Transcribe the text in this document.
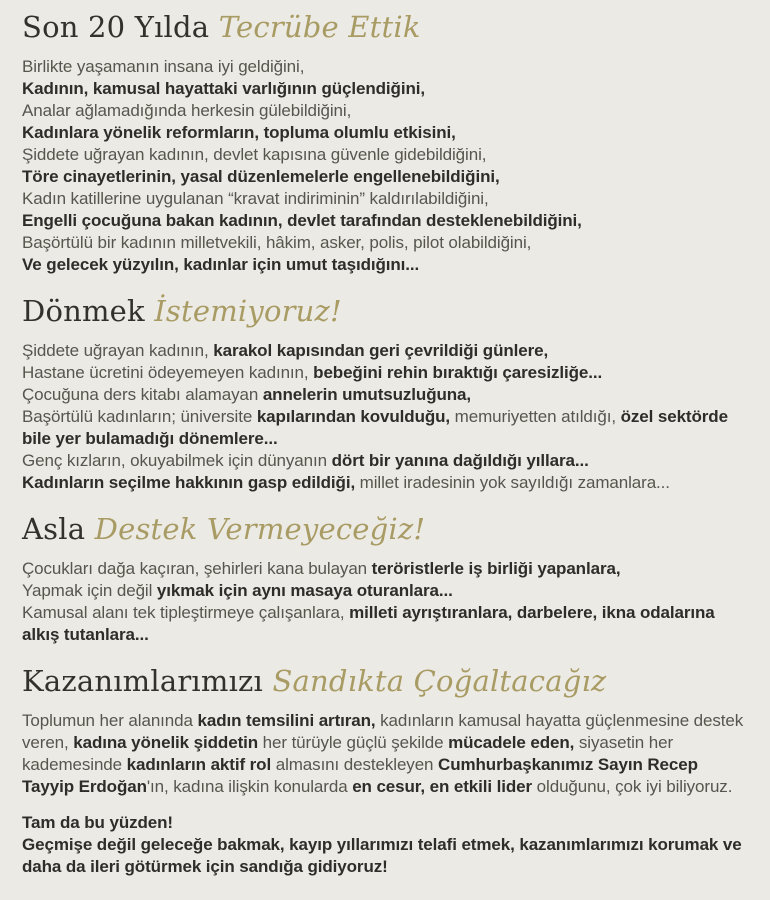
Son 20 Yılda Tecrübe Ettik

Birlikte yaşamanın insana iyi geldiğini,

Kadının, kamusal hayattaki varlığının güçlendiğini,

Analar ağlamadığında herkesin gülebildiğini,

Kadınlara yönelik reformların, topluma olumlu etkisini,

Şiddete uğrayan kadının, devlet kapısına güvenle gidebildiğini,

Töre cinayetlerinin, yasal düzenlemelerle engellenebildiğini,

Kadın katillerine uygulanan “kravat indiriminin” kaldırılabildiğini,

Engelli çocuğuna bakan kadının, devlet tarafından desteklenebildiğini,

Başörtülü bir kadının milletvekili, hâkim, asker, polis, pilot olabildiğini,

Ve gelecek yüzyılın, kadınlar için umut taşıdığını...

Dönmek İstemiyoruz!

Şiddete uğrayan kadının, karakol kapısından geri çevrildiği günlere,

Hastane ücretini ödeyemeyen kadının, bebeğini rehin bıraktığı çaresizliğe...

Çocuğuna ders kitabı alamayan annelerin umutsuzluğuna,

Başörtülü kadınların; üniversite kapılarından kovulduğu, memuriyetten atıldığı, özel sektörde bile yer bulamadığı dönemlere...

Genç kızların, okuyabilmek için dünyanın dört bir yanına dağıldığı yıllara...

Kadınların seçilme hakkının gasp edildiği, millet iradesinin yok sayıldığı zamanlara...

Asla Destek Vermeyeceğiz!

Çocukları dağa kaçıran, şehirleri kana bulayan teröristlerle iş birliği yapanlara,

Yapmak için değil yıkmak için aynı masaya oturanlara...

Kamusal alanı tek tipleştirmeye çalışanlara, milleti ayrıştıranlara, darbelere, ikna odalarına alkış tutanlara...

Kazanımlarımızı Sandıkta Çoğaltacağız

Toplumun her alanında kadın temsilini artıran, kadınların kamusal hayatta güçlenmesine destek veren, kadına yönelik şiddetin her türüyle güçlü şekilde mücadele eden, siyasetin her kademesinde kadınların aktif rol almasını destekleyen Cumhurbaşkanımız Sayın Recep Tayyip Erdoğan'ın, kadına ilişkin konularda en cesur, en etkili lider olduğunu, çok iyi biliyoruz.

Tam da bu yüzden!

Geçmişe değil geleceğe bakmak, kayıp yıllarımızı telafi etmek, kazanımlarımızı korumak ve daha da ileri götürmek için sandığa gidiyoruz!
